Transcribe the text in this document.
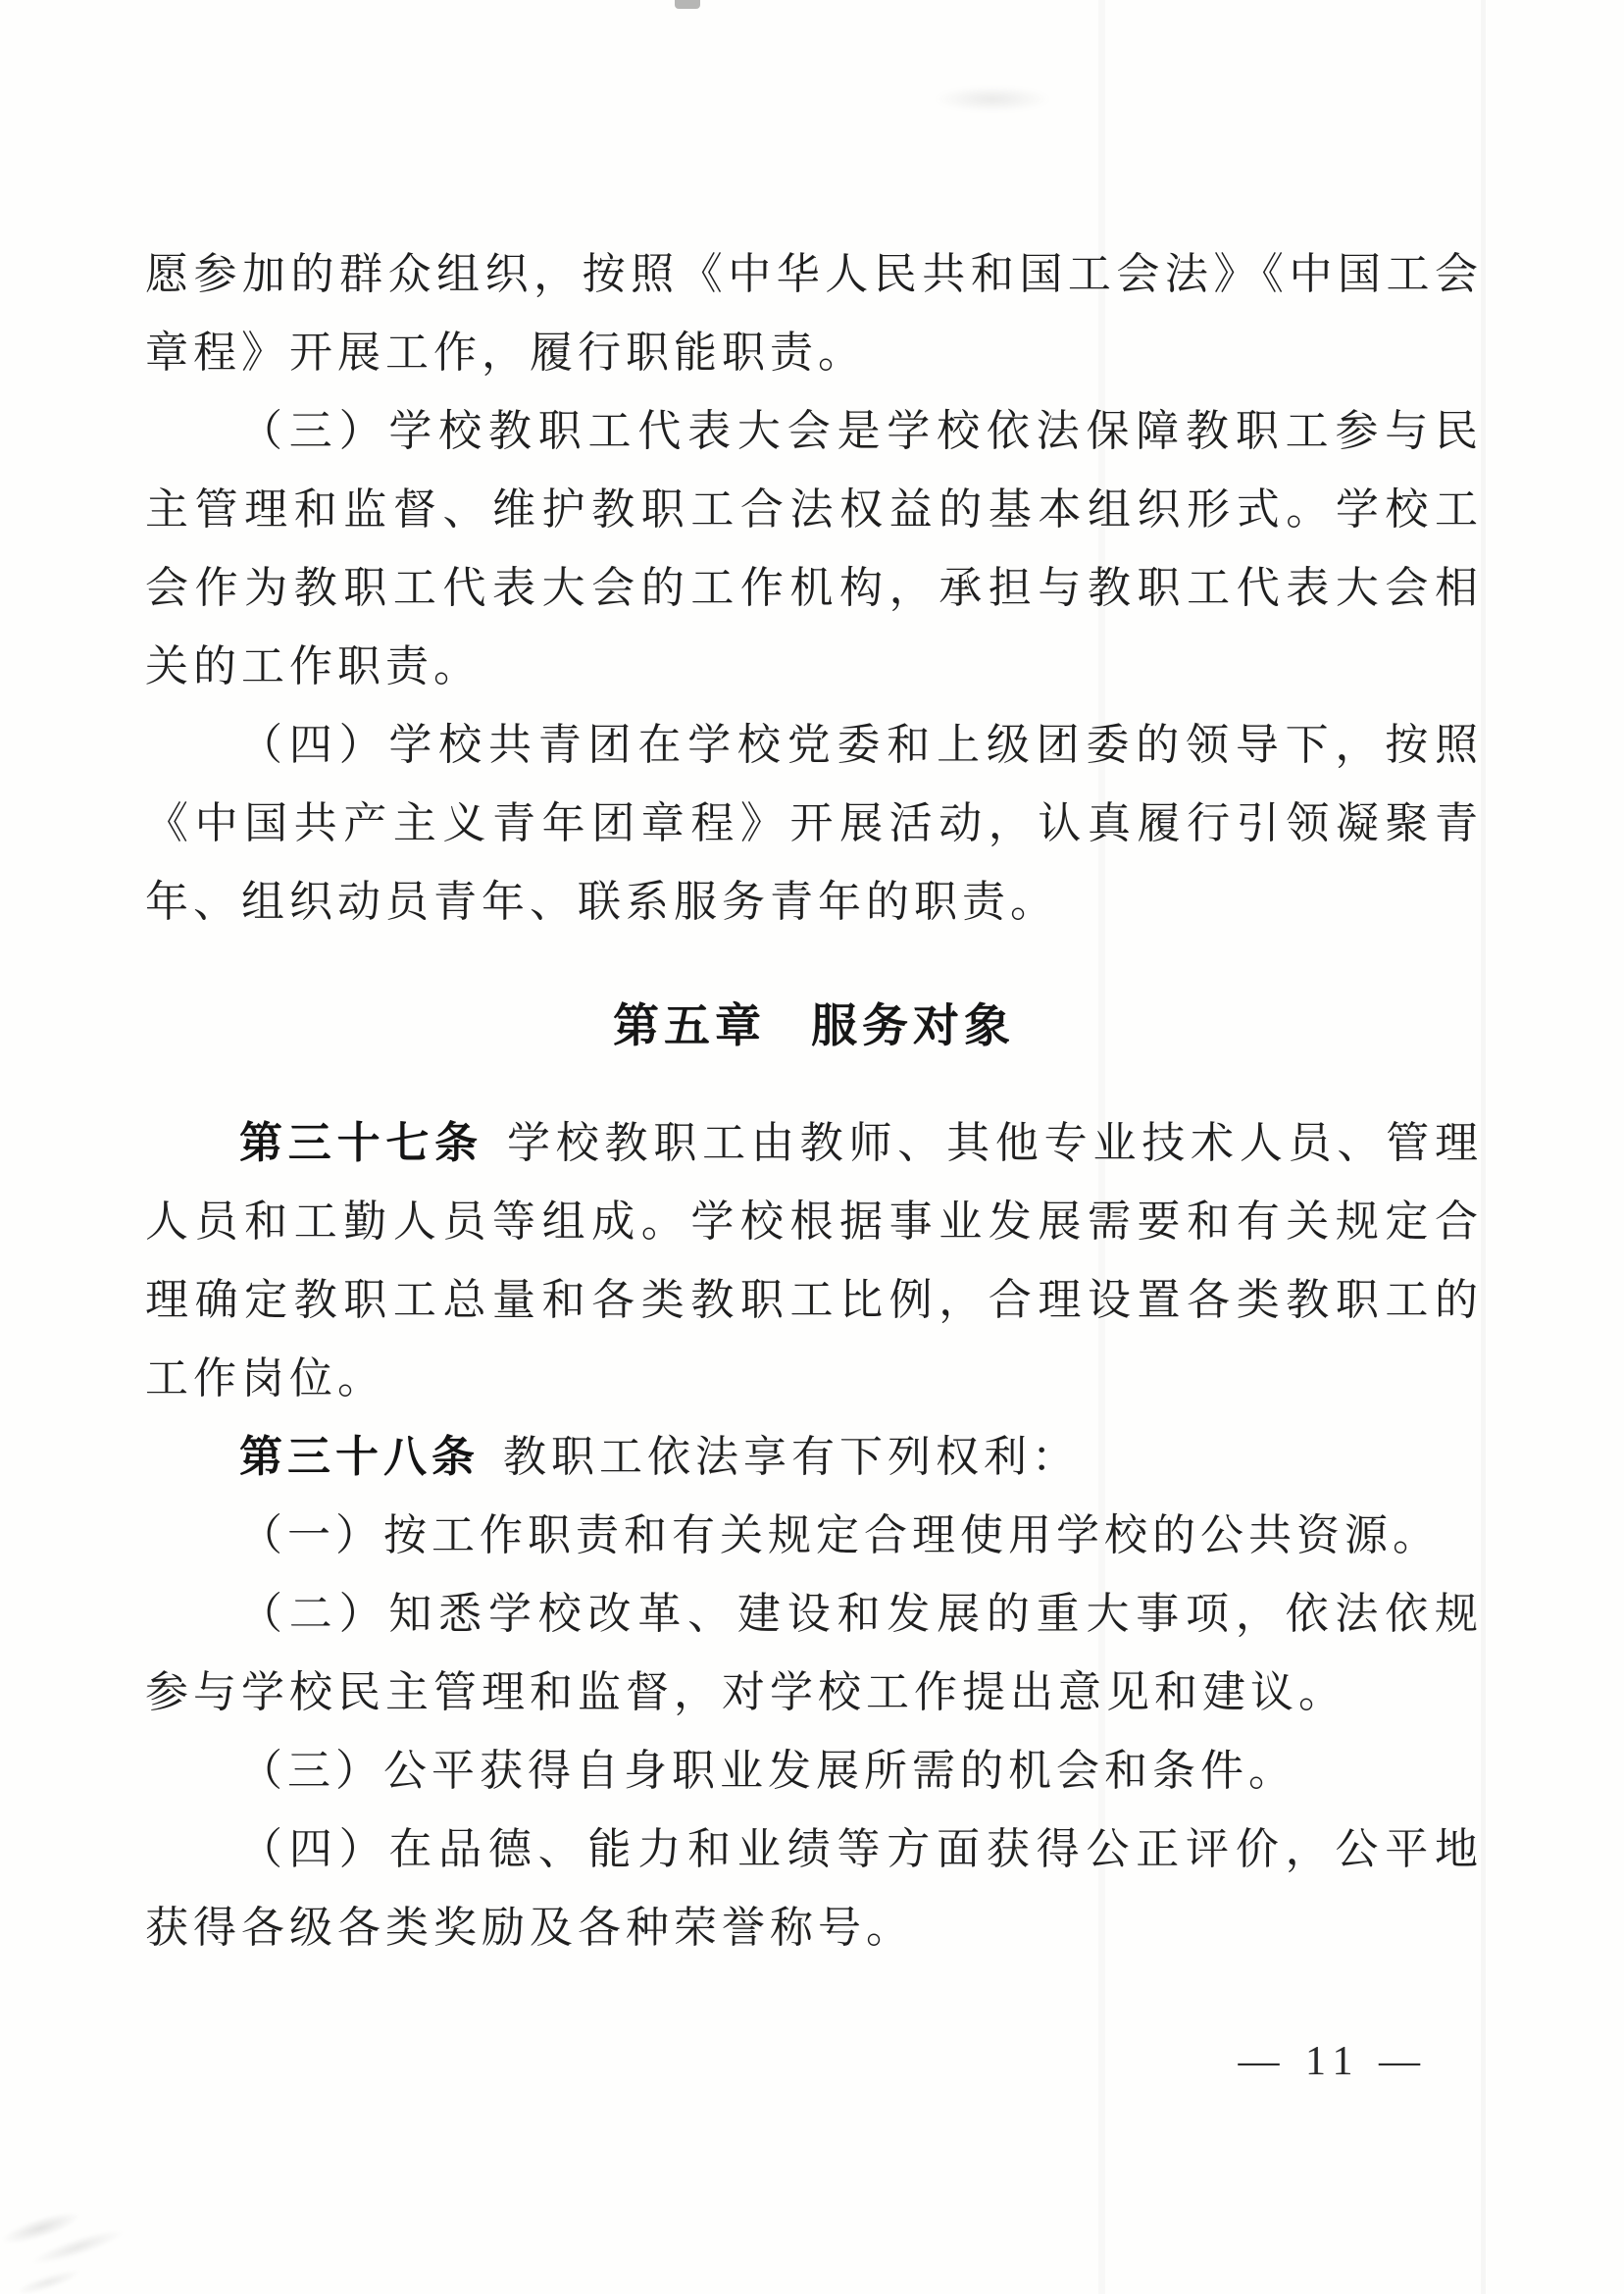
愿参加的群众组织，按照《中华人民共和国工会法》《中国工会章程》开展工作，履行职能职责。

（三）学校教职工代表大会是学校依法保障教职工参与民主管理和监督、维护教职工合法权益的基本组织形式。学校工会作为教职工代表大会的工作机构，承担与教职工代表大会相关的工作职责。

（四）学校共青团在学校党委和上级团委的领导下，按照《中国共产主义青年团章程》开展活动，认真履行引领凝聚青年、组织动员青年、联系服务青年的职责。

第五章 服务对象

第三十七条 学校教职工由教师、其他专业技术人员、管理人员和工勤人员等组成。学校根据事业发展需要和有关规定合理确定教职工总量和各类教职工比例，合理设置各类教职工的工作岗位。

第三十八条 教职工依法享有下列权利：

（一）按工作职责和有关规定合理使用学校的公共资源。

（二）知悉学校改革、建设和发展的重大事项，依法依规参与学校民主管理和监督，对学校工作提出意见和建议。

（三）公平获得自身职业发展所需的机会和条件。

（四）在品德、能力和业绩等方面获得公正评价，公平地获得各级各类奖励及各种荣誉称号。

— 11 —
